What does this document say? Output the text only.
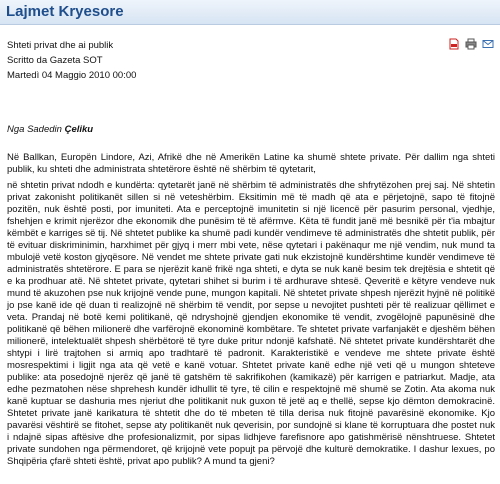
Lajmet Kryesore
Shteti privat dhe ai publik
Scritto da Gazeta SOT
Martedì 04 Maggio 2010 00:00
Nga Sadedin Çeliku

Në Ballkan, Europën Lindore, Azi, Afrikë dhe në Amerikën Latine ka shumë shtete private. Për dallim nga shteti publik, ku shteti dhe administrata shtetërore është në shërbim të qytetarit,

në shtetin privat ndodh e kundërta: qytetarët janë në shërbim të administratës dhe shfrytëzohen prej saj. Në shtetin privat zakonisht politikanët sillen si në veteshërbim. Eksitimin më të madh që ata e përjetojnë, sapo të fitojnë pozitën, nuk është posti, por imuniteti. Ata e perceptojnë imunitetin si një licencë për pasurim personal, vjedhje, fshehjen e krimit njerëzor dhe ekonomik dhe punësim të të afërmve. Këta të fundit janë më besnikë për t'ia mbajtur këmbët e karriges së tij. Në shtetet publike ka shumë padi kundër vendimeve të administratës dhe shtetit publik, për të evituar diskriminimin, harxhimet për gjyq i merr mbi vete, nëse qytetari i pakënaqur me një vendim, nuk mund ta mbulojë vetë koston gjyqësore. Në vendet me shtete private gati nuk ekzistojnë kundërshtime kundër vendimeve të administratës shtetërore. E para se njerëzit kanë frikë nga shteti, e dyta se nuk kanë besim tek drejtësia e shtetit që e ka prodhuar atë. Në shtetet private, qytetari shihet si burim i të ardhurave shtesë. Qeveritë e këtyre vendeve nuk mund të akuzohen pse nuk krijojnë vende pune, mungon kapitali. Në shtetet private shpesh njerëzit hyjnë në politikë jo pse kanë ide që duan ti realizojnë në shërbim të vendit, por sepse u nevojitet pushteti për të realizuar qëllimet e veta. Prandaj në botë kemi politikanë, që ndryshojnë gjendjen ekonomike të vendit, zvogëlojnë papunësinë dhe politikanë që bëhen milionerë dhe varfërojnë ekonominë kombëtare. Te shtetet private varfanjakët e djeshëm bëhen milionerë, intelektualët shpesh shërbëtorë të tyre duke pritur ndonjë kafshatë. Në shtetet private kundërshtarët dhe shtypi i lirë trajtohen si armiq apo tradhtarë të padronit. Karakteristikë e vendeve me shtete private është mosrespektimi i ligjit nga ata që vetë e kanë votuar. Shtetet private kanë edhe një veti që u mungon shteteve publike: ata posedojnë njerëz që janë të gatshëm të sakrifikohen (kamikazë) për karrigen e patriarkut. Madje, ata edhe pezmatohen nëse shprehesh kundër idhullit të tyre, të cilin e respektojnë më shumë se Zotin. Ata akoma nuk kanë kuptuar se dashuria mes njeriut dhe politikanit nuk guxon të jetë aq e thellë, sepse kjo dëmton demokracinë. Shtetet private janë karikatura të shtetit dhe do të mbeten të tilla derisa nuk fitojnë pavarësinë ekonomike. Kjo pavarësi vështirë se fitohet, sepse aty politikanët nuk qeverisin, por sundojnë si klane të korruptuara dhe postet nuk i ndajnë sipas aftësive dhe profesionalizmit, por sipas lidhjeve farefisnore apo gatishmërisë nënshtruese. Shtetet private sundohen nga përmendoret, që krijojnë vete popujt pa përvojë dhe kulturë demokratike. I dashur lexues, po Shqipëria çfarë shteti është, privat apo publik? A mund ta gjeni?
